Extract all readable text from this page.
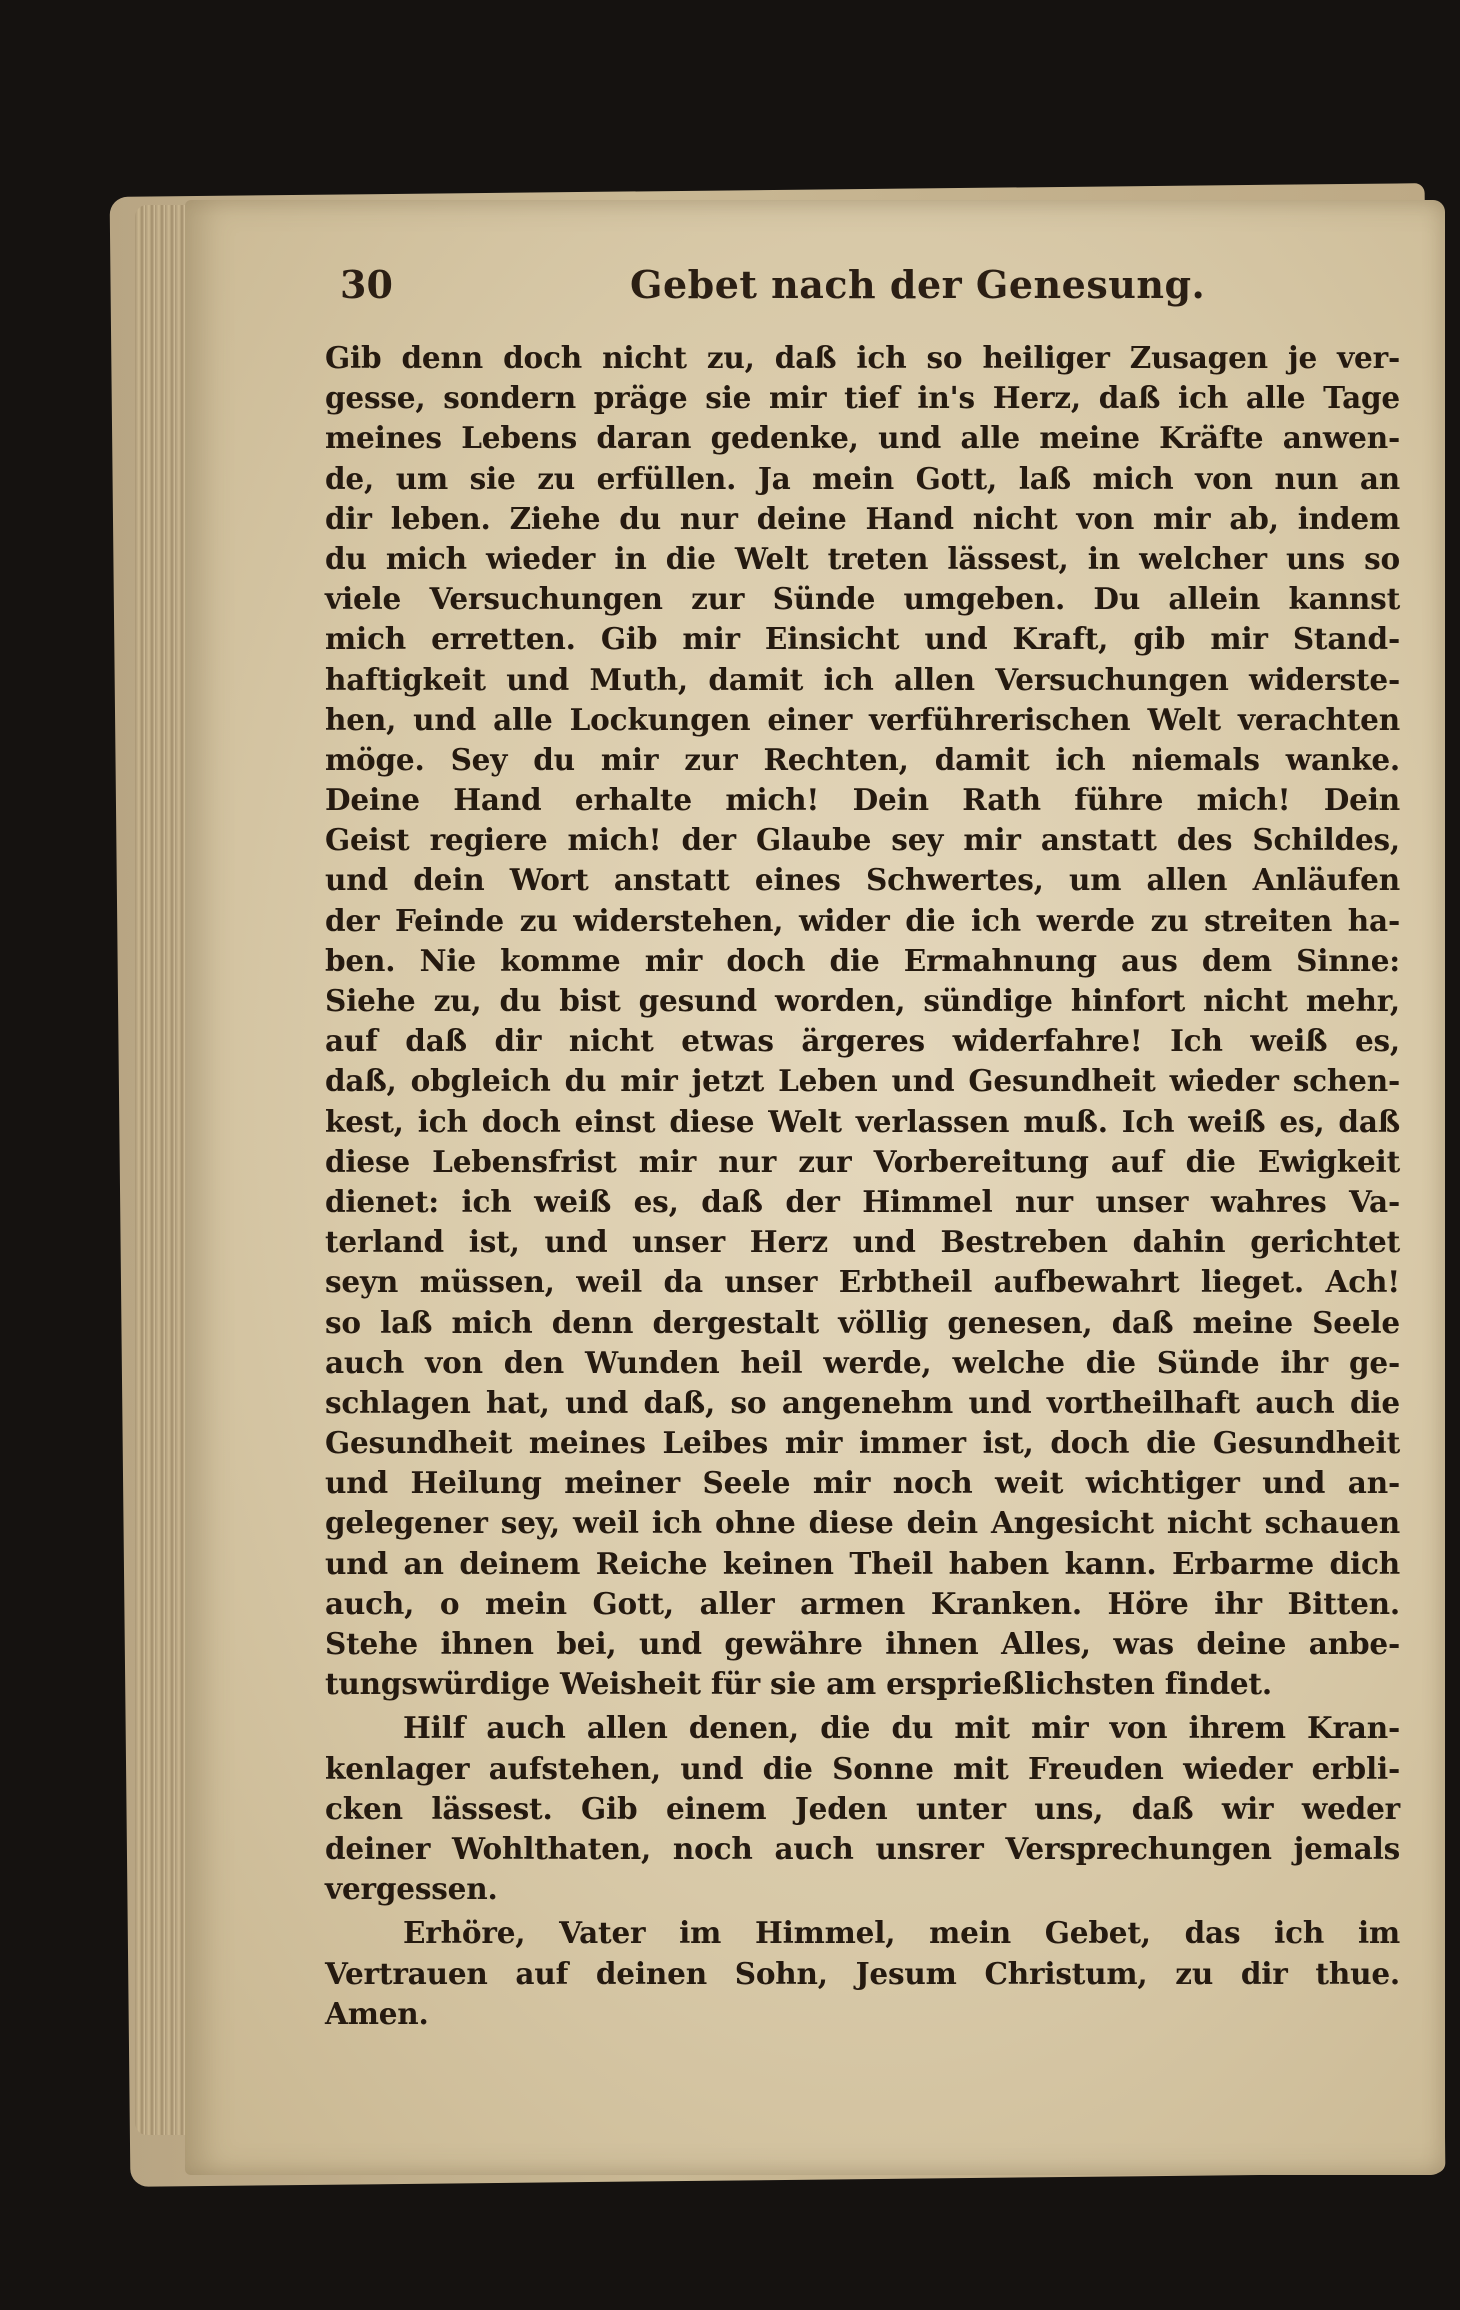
30	Gebet nach der Genesung.
Gib denn doch nicht zu, daß ich so heiliger Zusagen je ver-
gesse, sondern präge sie mir tief in's Herz, daß ich alle Tage
meines Lebens daran gedenke, und alle meine Kräfte anwen-
de, um sie zu erfüllen. Ja mein Gott, laß mich von nun an
dir leben. Ziehe du nur deine Hand nicht von mir ab, indem
du mich wieder in die Welt treten lässest, in welcher uns so
viele Versuchungen zur Sünde umgeben. Du allein kannst
mich erretten. Gib mir Einsicht und Kraft, gib mir Stand-
haftigkeit und Muth, damit ich allen Versuchungen widerste-
hen, und alle Lockungen einer verführerischen Welt verachten
möge. Sey du mir zur Rechten, damit ich niemals wanke.
Deine Hand erhalte mich! Dein Rath führe mich! Dein
Geist regiere mich! der Glaube sey mir anstatt des Schildes,
und dein Wort anstatt eines Schwertes, um allen Anläufen
der Feinde zu widerstehen, wider die ich werde zu streiten ha-
ben. Nie komme mir doch die Ermahnung aus dem Sinne:
Siehe zu, du bist gesund worden, sündige hinfort nicht mehr,
auf daß dir nicht etwas ärgeres widerfahre! Ich weiß es,
daß, obgleich du mir jetzt Leben und Gesundheit wieder schen-
kest, ich doch einst diese Welt verlassen muß. Ich weiß es, daß
diese Lebensfrist mir nur zur Vorbereitung auf die Ewigkeit
dienet: ich weiß es, daß der Himmel nur unser wahres Va-
terland ist, und unser Herz und Bestreben dahin gerichtet
seyn müssen, weil da unser Erbtheil aufbewahrt lieget. Ach!
so laß mich denn dergestalt völlig genesen, daß meine Seele
auch von den Wunden heil werde, welche die Sünde ihr ge-
schlagen hat, und daß, so angenehm und vortheilhaft auch die
Gesundheit meines Leibes mir immer ist, doch die Gesundheit
und Heilung meiner Seele mir noch weit wichtiger und an-
gelegener sey, weil ich ohne diese dein Angesicht nicht schauen
und an deinem Reiche keinen Theil haben kann. Erbarme dich
auch, o mein Gott, aller armen Kranken. Höre ihr Bitten.
Stehe ihnen bei, und gewähre ihnen Alles, was deine anbe-
tungswürdige Weisheit für sie am ersprießlichsten findet.
Hilf auch allen denen, die du mit mir von ihrem Kran-
kenlager aufstehen, und die Sonne mit Freuden wieder erbli-
cken lässest. Gib einem Jeden unter uns, daß wir weder
deiner Wohlthaten, noch auch unsrer Versprechungen jemals
vergessen.
Erhöre, Vater im Himmel, mein Gebet, das ich im
Vertrauen auf deinen Sohn, Jesum Christum, zu dir thue.
Amen.
